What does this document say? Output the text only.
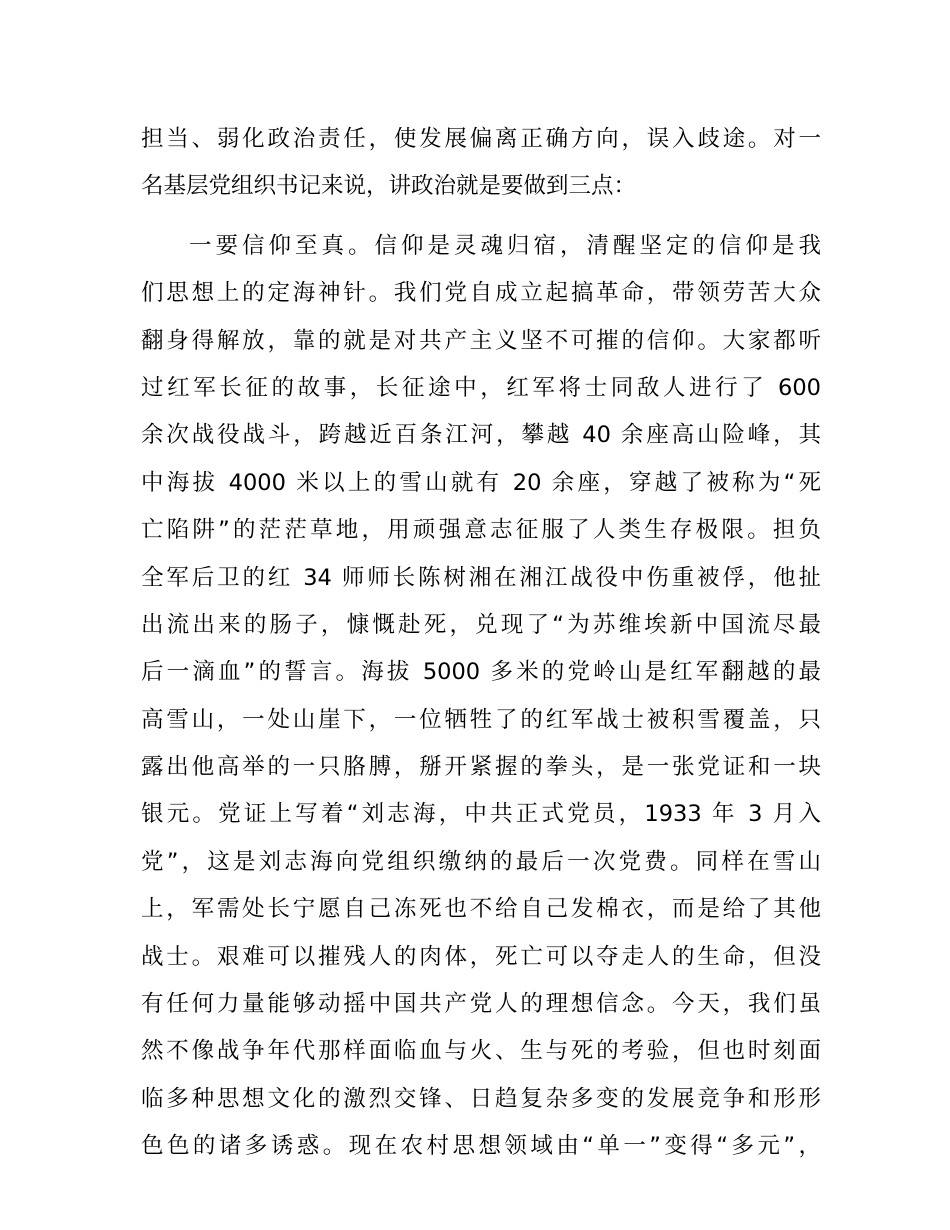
担当、弱化政治责任，使发展偏离正确方向，误入歧途。对一
名基层党组织书记来说，讲政治就是要做到三点：
一要信仰至真。信仰是灵魂归宿，清醒坚定的信仰是我
们思想上的定海神针。我们党自成立起搞革命，带领劳苦大众
翻身得解放，靠的就是对共产主义坚不可摧的信仰。大家都听
过红军长征的故事，长征途中，红军将士同敌人进行了 600
余次战役战斗，跨越近百条江河，攀越 40 余座高山险峰，其
中海拔 4000 米以上的雪山就有 20 余座，穿越了被称为“死
亡陷阱”的茫茫草地，用顽强意志征服了人类生存极限。担负
全军后卫的红 34 师师长陈树湘在湘江战役中伤重被俘，他扯
出流出来的肠子，慷慨赴死，兑现了“为苏维埃新中国流尽最
后一滴血”的誓言。海拔 5000 多米的党岭山是红军翻越的最
高雪山，一处山崖下，一位牺牲了的红军战士被积雪覆盖，只
露出他高举的一只胳膊，掰开紧握的拳头，是一张党证和一块
银元。党证上写着“刘志海，中共正式党员，1933 年 3 月入
党”，这是刘志海向党组织缴纳的最后一次党费。同样在雪山
上，军需处长宁愿自己冻死也不给自己发棉衣，而是给了其他
战士。艰难可以摧残人的肉体，死亡可以夺走人的生命，但没
有任何力量能够动摇中国共产党人的理想信念。今天，我们虽
然不像战争年代那样面临血与火、生与死的考验，但也时刻面
临多种思想文化的激烈交锋、日趋复杂多变的发展竞争和形形
色色的诸多诱惑。现在农村思想领域由“单一”变得“多元”，
